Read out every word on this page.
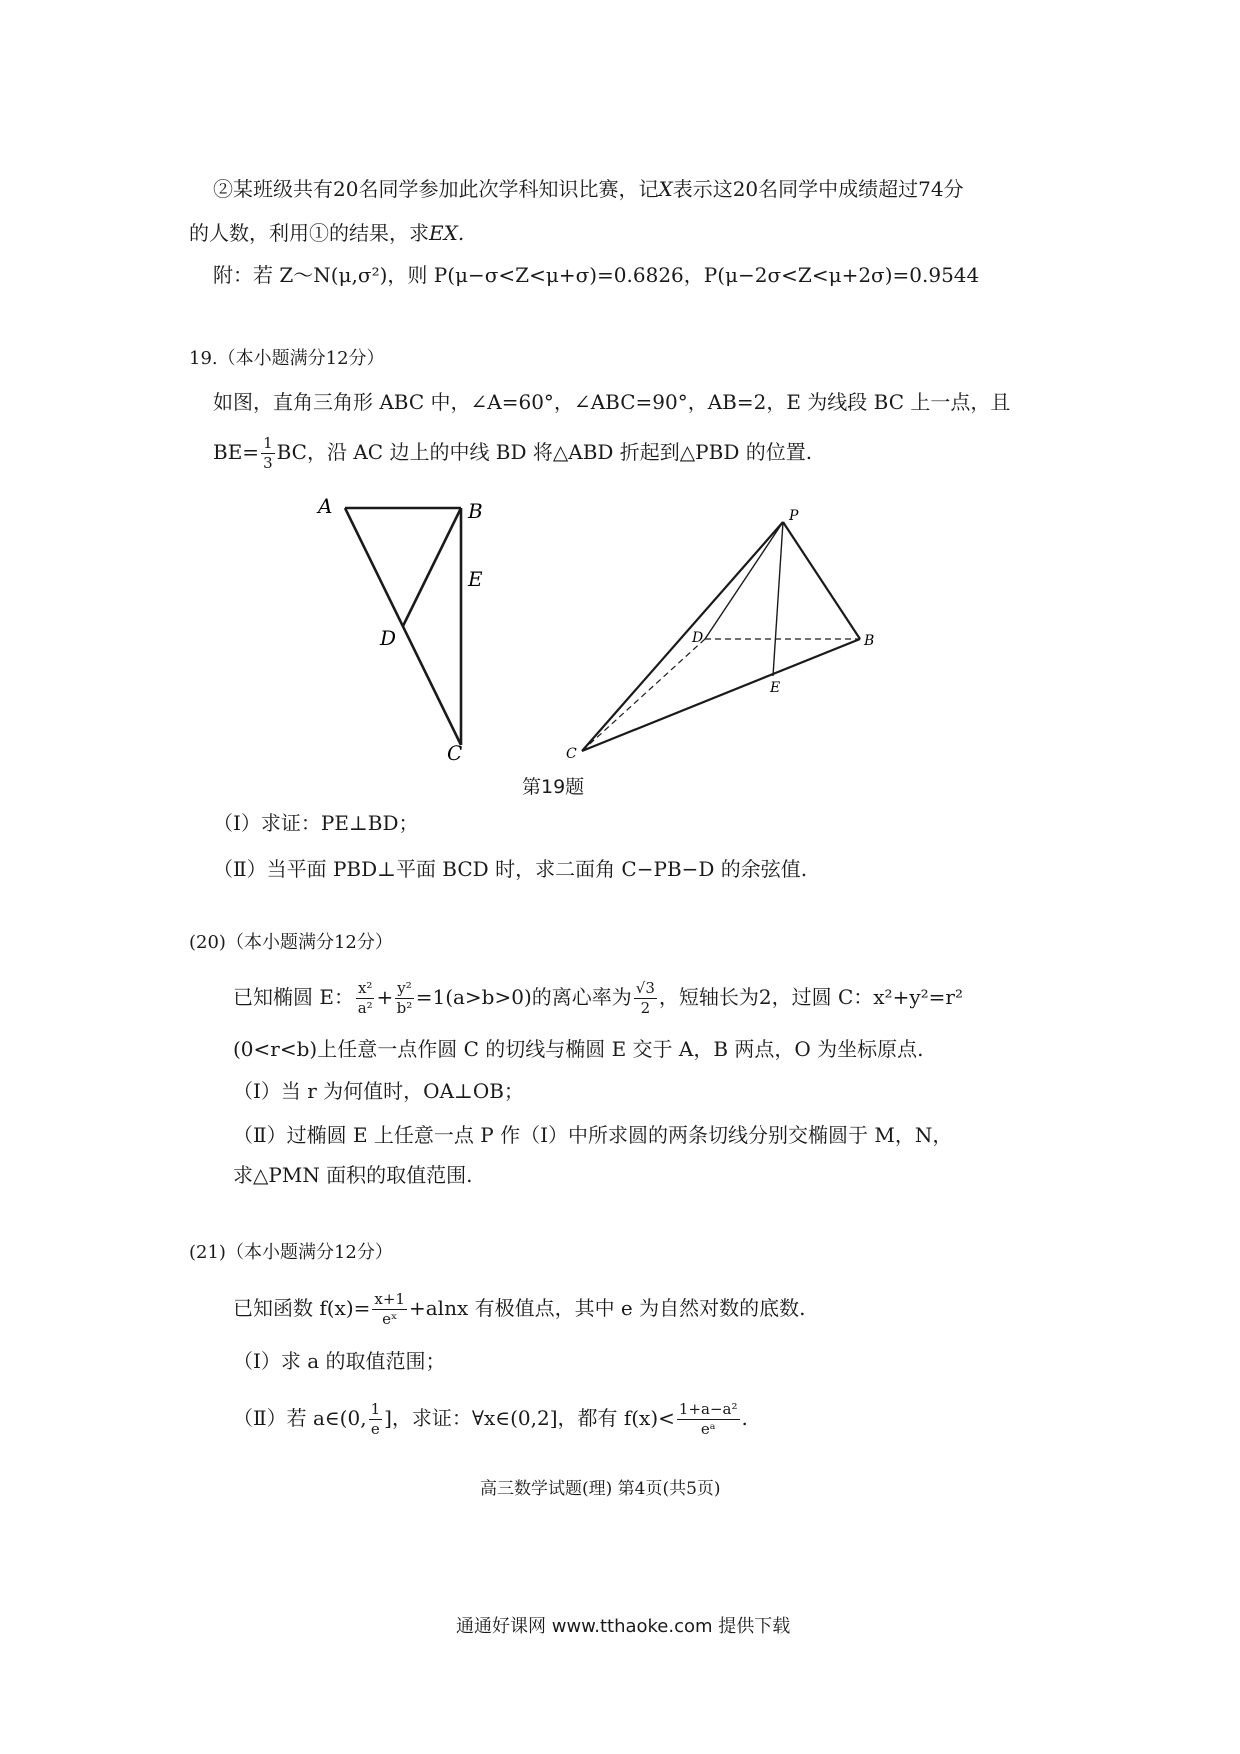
②某班级共有20名同学参加此次学科知识比赛，记X表示这20名同学中成绩超过74分
的人数，利用①的结果，求EX.
附：若 Z～N(μ,σ²)，则 P(μ−σ<Z<μ+σ)=0.6826，P(μ−2σ<Z<μ+2σ)=0.9544
19.（本小题满分12分）
如图，直角三角形 ABC 中，∠A=60°，∠ABC=90°，AB=2，E 为线段 BC 上一点，且
$BE= \frac{1}{3}$ BC，沿 AC 边上的中线 BD 将△ABD 折起到△PBD 的位置.
A	B
E
D
C
P
B
D
E
C
第19题
（Ⅰ）求证：PE⊥BD；
（Ⅱ）当平面 PBD⊥平面 BCD 时，求二面角 C−PB−D 的余弦值.
(20)（本小题满分12分）
已知椭圆 E： $\frac{\text{x²}}{\text{a²}} + \frac{\text{y²}}{\text{b²}} =1(a>b>0)$的离心率为 $\frac{√3}{2}$ ，短轴长为2，过圆 C：x²+y²=r²
(0<r<b)上任意一点作圆 C 的切线与椭圆 E 交于 A，B 两点，O 为坐标原点.
（Ⅰ）当 r 为何值时，OA⊥OB；
（Ⅱ）过椭圆 E 上任意一点 P 作（Ⅰ）中所求圆的两条切线分别交椭圆于 M，N，
求△PMN 面积的取值范围.
(21)（本小题满分12分）
已知函数 $f(x)= \frac{x+1}{\text{eˣ}} +alnx$ 有极值点，其中 e 为自然对数的底数.
（Ⅰ）求 a 的取值范围；
（Ⅱ）若 a∈(0, $\frac{1}{e}$ ]，求证：∀x∈(0,2]，都有 $f(x)< \frac{\text{1+a−a²}}{\text{eᵃ}}$ .
高三数学试题(理) 第4页(共5页)
通通好课网 www.tthaoke.com 提供下载
